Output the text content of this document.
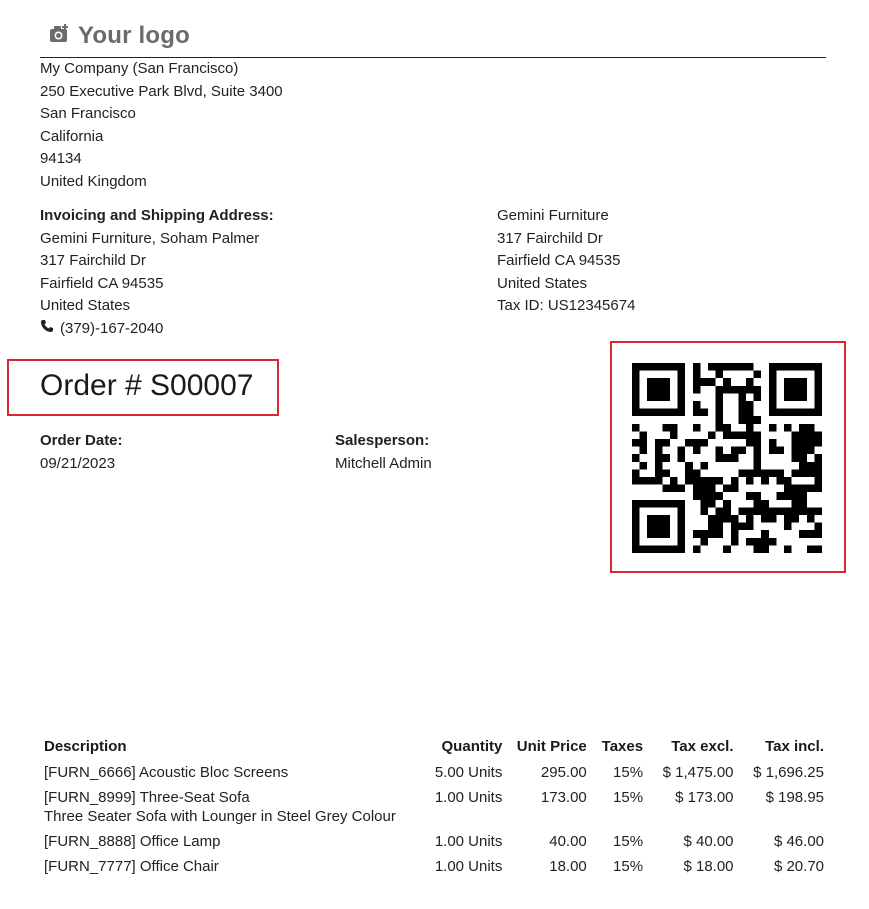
Your logo
My Company (San Francisco)
250 Executive Park Blvd, Suite 3400
San Francisco
California
94134
United Kingdom
Invoicing and Shipping Address:
Gemini Furniture, Soham Palmer
317 Fairchild Dr
Fairfield CA 94535
United States
(379)-167-2040
Gemini Furniture
317 Fairchild Dr
Fairfield CA 94535
United States
Tax ID: US12345674
Order # S00007
Order Date:
09/21/2023
Salesperson:
Mitchell Admin
Description	Quantity	Unit Price	Taxes	Tax excl.	Tax incl.
[FURN_6666] Acoustic Bloc Screens	5.00 Units	295.00	15%	$ 1,475.00	$ 1,696.25
[FURN_8999] Three-Seat Sofa
Three Seater Sofa with Lounger in Steel Grey Colour	1.00 Units	173.00	15%	$ 173.00	$ 198.95
[FURN_8888] Office Lamp	1.00 Units	40.00	15%	$ 40.00	$ 46.00
[FURN_7777] Office Chair	1.00 Units	18.00	15%	$ 18.00	$ 20.70
